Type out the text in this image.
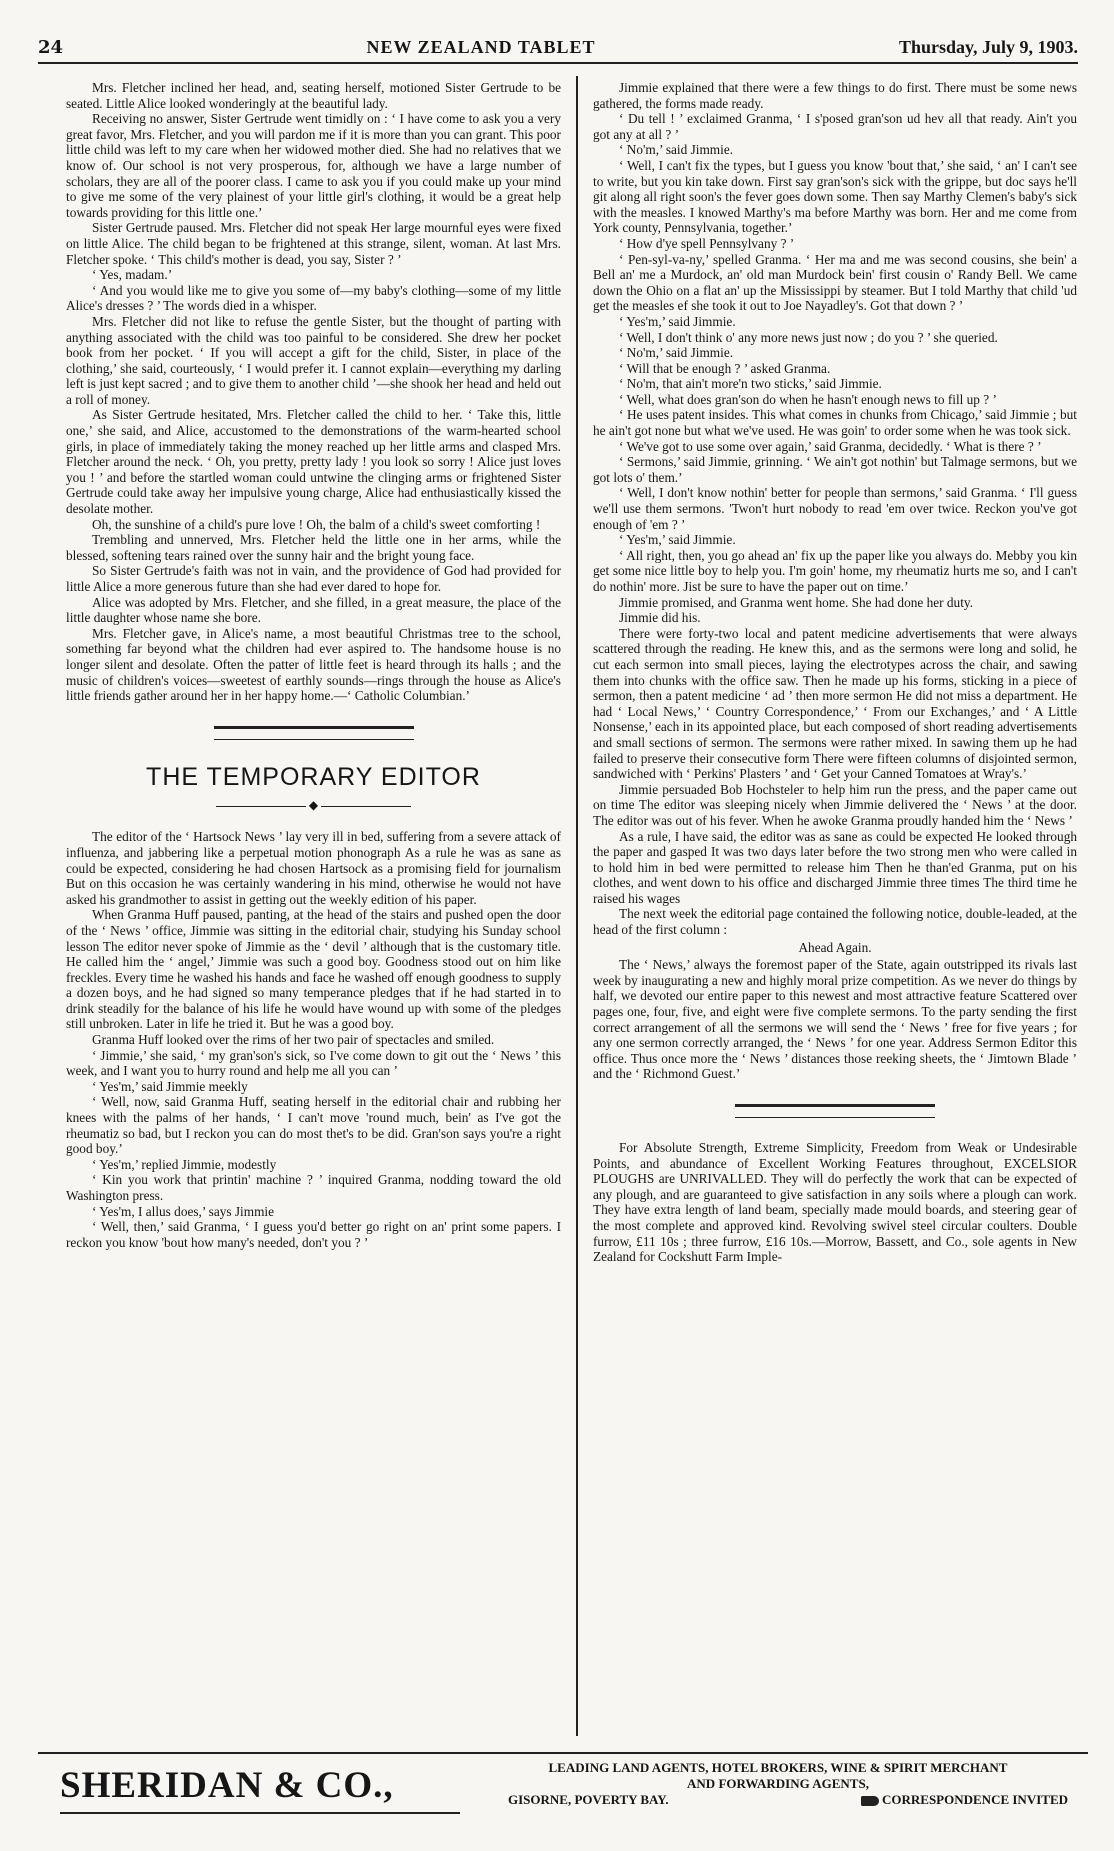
24	NEW ZEALAND TABLET	Thursday, July 9, 1903.

Mrs. Fletcher inclined her head, and, seating herself, motioned Sister Gertrude to be seated. Little Alice looked wonderingly at the beautiful lady.

Receiving no answer, Sister Gertrude went timidly on : ‘ I have come to ask you a very great favor, Mrs. Fletcher, and you will pardon me if it is more than you can grant. This poor little child was left to my care when her widowed mother died. She had no relatives that we know of. Our school is not very prosperous, for, although we have a large number of scholars, they are all of the poorer class. I came to ask you if you could make up your mind to give me some of the very plainest of your little girl's clothing, it would be a great help towards providing for this little one.’

Sister Gertrude paused. Mrs. Fletcher did not speak Her large mournful eyes were fixed on little Alice. The child began to be frightened at this strange, silent, woman. At last Mrs. Fletcher spoke. ‘ This child's mother is dead, you say, Sister ? ’

‘ Yes, madam.’

‘ And you would like me to give you some of—my baby's clothing—some of my little Alice's dresses ? ’ The words died in a whisper.

Mrs. Fletcher did not like to refuse the gentle Sister, but the thought of parting with anything associated with the child was too painful to be considered. She drew her pocket book from her pocket. ‘ If you will accept a gift for the child, Sister, in place of the clothing,’ she said, courteously, ‘ I would prefer it. I cannot explain—everything my darling left is just kept sacred ; and to give them to another child ’—she shook her head and held out a roll of money.

As Sister Gertrude hesitated, Mrs. Fletcher called the child to her. ‘ Take this, little one,’ she said, and Alice, accustomed to the demonstrations of the warm-hearted school girls, in place of immediately taking the money reached up her little arms and clasped Mrs. Fletcher around the neck. ‘ Oh, you pretty, pretty lady ! you look so sorry ! Alice just loves you ! ’ and before the startled woman could untwine the clinging arms or frightened Sister Gertrude could take away her impulsive young charge, Alice had enthusiastically kissed the desolate mother.

Oh, the sunshine of a child's pure love ! Oh, the balm of a child's sweet comforting !

Trembling and unnerved, Mrs. Fletcher held the little one in her arms, while the blessed, softening tears rained over the sunny hair and the bright young face.

So Sister Gertrude's faith was not in vain, and the providence of God had provided for little Alice a more generous future than she had ever dared to hope for.

Alice was adopted by Mrs. Fletcher, and she filled, in a great measure, the place of the little daughter whose name she bore.

Mrs. Fletcher gave, in Alice's name, a most beautiful Christmas tree to the school, something far beyond what the children had ever aspired to. The handsome house is no longer silent and desolate. Often the patter of little feet is heard through its halls ; and the music of children's voices—sweetest of earthly sounds—rings through the house as Alice's little friends gather around her in her happy home.—‘ Catholic Columbian.’

THE TEMPORARY EDITOR
◆

The editor of the ‘ Hartsock News ’ lay very ill in bed, suffering from a severe attack of influenza, and jabbering like a perpetual motion phonograph As a rule he was as sane as could be expected, considering he had chosen Hartsock as a promising field for journalism But on this occasion he was certainly wandering in his mind, otherwise he would not have asked his grandmother to assist in getting out the weekly edition of his paper.

When Granma Huff paused, panting, at the head of the stairs and pushed open the door of the ‘ News ’ office, Jimmie was sitting in the editorial chair, studying his Sunday school lesson The editor never spoke of Jimmie as the ‘ devil ’ although that is the customary title. He called him the ‘ angel,’ Jimmie was such a good boy. Goodness stood out on him like freckles. Every time he washed his hands and face he washed off enough goodness to supply a dozen boys, and he had signed so many temperance pledges that if he had started in to drink steadily for the balance of his life he would have wound up with some of the pledges still unbroken. Later in life he tried it. But he was a good boy.

Granma Huff looked over the rims of her two pair of spectacles and smiled.

‘ Jimmie,’ she said, ‘ my gran'son's sick, so I've come down to git out the ‘ News ’ this week, and I want you to hurry round and help me all you can ’

‘ Yes'm,’ said Jimmie meekly

‘ Well, now, said Granma Huff, seating herself in the editorial chair and rubbing her knees with the palms of her hands, ‘ I can't move 'round much, bein' as I've got the rheumatiz so bad, but I reckon you can do most thet's to be did. Gran'son says you're a right good boy.’

‘ Yes'm,’ replied Jimmie, modestly

‘ Kin you work that printin' machine ? ’ inquired Granma, nodding toward the old Washington press.

‘ Yes'm, I allus does,’ says Jimmie

‘ Well, then,’ said Granma, ‘ I guess you'd better go right on an' print some papers. I reckon you know 'bout how many's needed, don't you ? ’

Jimmie explained that there were a few things to do first. There must be some news gathered, the forms made ready.

‘ Du tell ! ’ exclaimed Granma, ‘ I s'posed gran'son ud hev all that ready. Ain't you got any at all ? ’

‘ No'm,’ said Jimmie.

‘ Well, I can't fix the types, but I guess you know 'bout that,’ she said, ‘ an' I can't see to write, but you kin take down. First say gran'son's sick with the grippe, but doc says he'll git along all right soon's the fever goes down some. Then say Marthy Clemen's baby's sick with the measles. I knowed Marthy's ma before Marthy was born. Her and me come from York county, Pennsylvania, together.’

‘ How d'ye spell Pennsylvany ? ’

‘ Pen-syl-va-ny,’ spelled Granma. ‘ Her ma and me was second cousins, she bein' a Bell an' me a Murdock, an' old man Murdock bein' first cousin o' Randy Bell. We came down the Ohio on a flat an' up the Mississippi by steamer. But I told Marthy that child 'ud get the measles ef she took it out to Joe Nayadley's. Got that down ? ’

‘ Yes'm,’ said Jimmie.

‘ Well, I don't think o' any more news just now ; do you ? ’ she queried.

‘ No'm,’ said Jimmie.

‘ Will that be enough ? ’ asked Granma.

‘ No'm, that ain't more'n two sticks,’ said Jimmie.

‘ Well, what does gran'son do when he hasn't enough news to fill up ? ’

‘ He uses patent insides. This what comes in chunks from Chicago,’ said Jimmie ; but he ain't got none but what we've used. He was goin' to order some when he was took sick.

‘ We've got to use some over again,’ said Granma, decidedly. ‘ What is there ? ’

‘ Sermons,’ said Jimmie, grinning. ‘ We ain't got nothin' but Talmage sermons, but we got lots o' them.’

‘ Well, I don't know nothin' better for people than sermons,’ said Granma. ‘ I'll guess we'll use them sermons. 'Twon't hurt nobody to read 'em over twice. Reckon you've got enough of 'em ? ’

‘ Yes'm,’ said Jimmie.

‘ All right, then, you go ahead an' fix up the paper like you always do. Mebby you kin get some nice little boy to help you. I'm goin' home, my rheumatiz hurts me so, and I can't do nothin' more. Jist be sure to have the paper out on time.’

Jimmie promised, and Granma went home. She had done her duty.

Jimmie did his.

There were forty-two local and patent medicine advertisements that were always scattered through the reading. He knew this, and as the sermons were long and solid, he cut each sermon into small pieces, laying the electrotypes across the chair, and sawing them into chunks with the office saw. Then he made up his forms, sticking in a piece of sermon, then a patent medicine ‘ ad ’ then more sermon He did not miss a department. He had ‘ Local News,’ ‘ Country Correspondence,’ ‘ From our Exchanges,’ and ‘ A Little Nonsense,’ each in its appointed place, but each composed of short reading advertisements and small sections of sermon. The sermons were rather mixed. In sawing them up he had failed to preserve their consecutive form There were fifteen columns of disjointed sermon, sandwiched with ‘ Perkins' Plasters ’ and ‘ Get your Canned Tomatoes at Wray's.’

Jimmie persuaded Bob Hochsteler to help him run the press, and the paper came out on time The editor was sleeping nicely when Jimmie delivered the ‘ News ’ at the door. The editor was out of his fever. When he awoke Granma proudly handed him the ‘ News ’

As a rule, I have said, the editor was as sane as could be expected He looked through the paper and gasped It was two days later before the two strong men who were called in to hold him in bed were permitted to release him Then he than'ed Granma, put on his clothes, and went down to his office and discharged Jimmie three times The third time he raised his wages

The next week the editorial page contained the following notice, double-leaded, at the head of the first column :

Ahead Again.

The ‘ News,’ always the foremost paper of the State, again outstripped its rivals last week by inaugurating a new and highly moral prize competition. As we never do things by half, we devoted our entire paper to this newest and most attractive feature Scattered over pages one, four, five, and eight were five complete sermons. To the party sending the first correct arrangement of all the sermons we will send the ‘ News ’ free for five years ; for any one sermon correctly arranged, the ‘ News ’ for one year. Address Sermon Editor this office. Thus once more the ‘ News ’ distances those reeking sheets, the ‘ Jimtown Blade ’ and the ‘ Richmond Guest.’

For Absolute Strength, Extreme Simplicity, Freedom from Weak or Undesirable Points, and abundance of Excellent Working Features throughout, EXCELSIOR PLOUGHS are UNRIVALLED. They will do perfectly the work that can be expected of any plough, and are guaranteed to give satisfaction in any soils where a plough can work. They have extra length of land beam, specially made mould boards, and steering gear of the most complete and approved kind. Revolving swivel steel circular coulters. Double furrow, £11 10s ; three furrow, £16 10s.—Morrow, Bassett, and Co., sole agents in New Zealand for Cockshutt Farm Imple-

SHERIDAN & CO.,	LEADING LAND AGENTS, HOTEL BROKERS, WINE & SPIRIT MERCHANT
AND FORWARDING AGENTS,
GISORNE, POVERTY BAY.	CORRESPONDENCE INVITED
